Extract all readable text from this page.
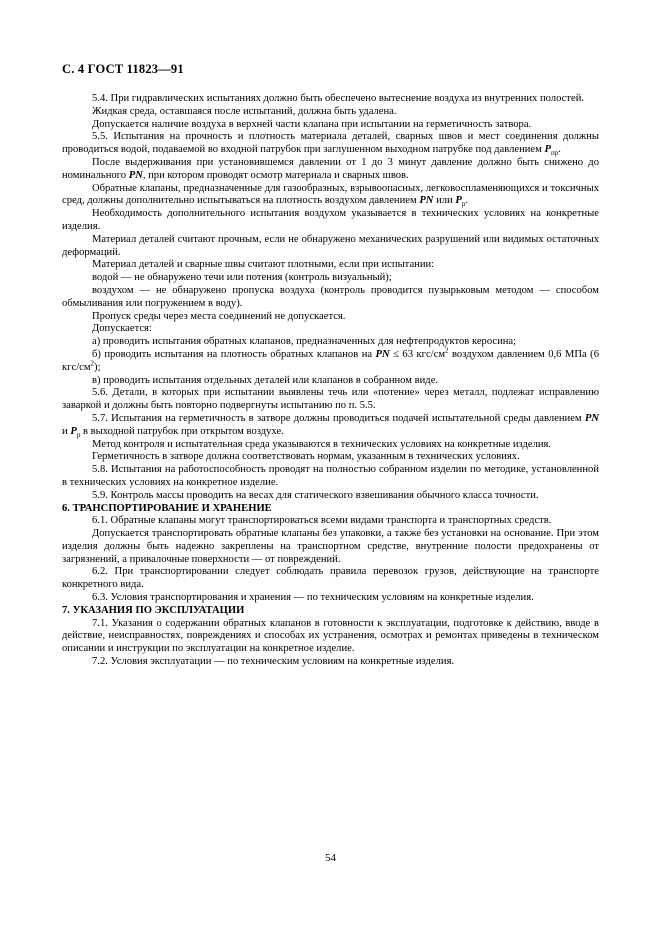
С. 4 ГОСТ 11823—91

5.4. При гидравлических испытаниях должно быть обеспечено вытеснение воздуха из внутренних полостей.

Жидкая среда, оставшаяся после испытаний, должна быть удалена.

Допускается наличие воздуха в верхней части клапана при испытании на герметичность затвора.

5.5. Испытания на прочность и плотность материала деталей, сварных швов и мест соединения должны проводиться водой, подаваемой во входной патрубок при заглушенном выходном патрубке под давлением $P_{пр}$.

После выдерживания при установившемся давлении от 1 до 3 минут давление должно быть снижено до номинального PN, при котором проводят осмотр материала и сварных швов.

Обратные клапаны, предназначенные для газообразных, взрывоопасных, легковоспламеняющихся и токсичных сред, должны дополнительно испытываться на плотность воздухом давлением PN или $P_р$.

Необходимость дополнительного испытания воздухом указывается в технических условиях на конкретные изделия.

Материал деталей считают прочным, если не обнаружено механических разрушений или видимых остаточных деформаций.

Материал деталей и сварные швы считают плотными, если при испытании:

водой — не обнаружено течи или потения (контроль визуальный);

воздухом — не обнаружено пропуска воздуха (контроль проводится пузырьковым методом — способом обмыливания или погружением в воду).

Пропуск среды через места соединений не допускается.

Допускается:

а) проводить испытания обратных клапанов, предназначенных для нефтепродуктов керосина;

б) проводить испытания на плотность обратных клапанов на PN ≤ 63 кгс/$см^2$ воздухом давлением 0,6 МПа (6 кгс/$см^2$);

в) проводить испытания отдельных деталей или клапанов в собранном виде.

5.6. Детали, в которых при испытании выявлены течь или «потение» через металл, подлежат исправлению заваркой и должны быть повторно подвергнуты испытанию по п. 5.5.

5.7. Испытания на герметичность в затворе должны проводиться подачей испытательной среды давлением PN и $P_р$ в выходной патрубок при открытом воздухе.

Метод контроля и испытательная среда указываются в технических условиях на конкретные изделия.

Герметичность в затворе должна соответствовать нормам, указанным в технических условиях.

5.8. Испытания на работоспособность проводят на полностью собранном изделии по методике, установленной в технических условиях на конкретное изделие.

5.9. Контроль массы проводить на весах для статического взвешивания обычного класса точности.

6. ТРАНСПОРТИРОВАНИЕ И ХРАНЕНИЕ

6.1. Обратные клапаны могут транспортироваться всеми видами транспорта и транспортных средств.

Допускается транспортировать обратные клапаны без упаковки, а также без установки на основание. При этом изделия должны быть надежно закреплены на транспортном средстве, внутренние полости предохранены от загрязнений, а привалочные поверхности — от повреждений.

6.2. При транспортировании следует соблюдать правила перевозок грузов, действующие на транспорте конкретного вида.

6.3. Условия транспортирования и хранения — по техническим условиям на конкретные изделия.

7. УКАЗАНИЯ ПО ЭКСПЛУАТАЦИИ

7.1. Указания о содержании обратных клапанов в готовности к эксплуатации, подготовке к действию, вводе в действие, неисправностях, повреждениях и способах их устранения, осмотрах и ремонтах приведены в техническом описании и инструкции по эксплуатации на конкретное изделие.

7.2. Условия эксплуатации — по техническим условиям на конкретные изделия.

54
